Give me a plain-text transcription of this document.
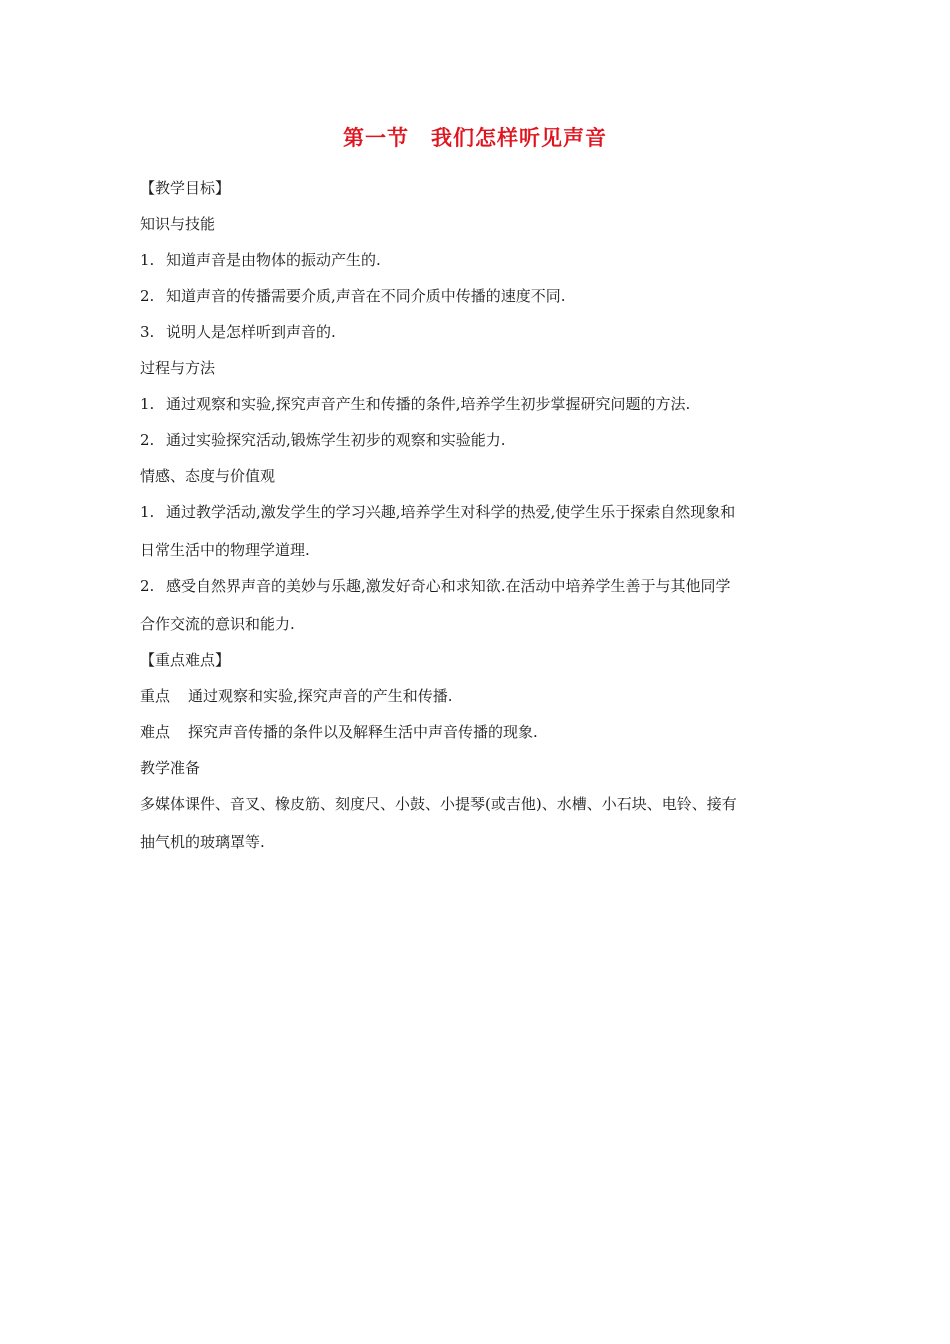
第一节　我们怎样听见声音
【教学目标】
知识与技能
1. 知道声音是由物体的振动产生的.
2. 知道声音的传播需要介质,声音在不同介质中传播的速度不同.
3. 说明人是怎样听到声音的.
过程与方法
1. 通过观察和实验,探究声音产生和传播的条件,培养学生初步掌握研究问题的方法.
2. 通过实验探究活动,锻炼学生初步的观察和实验能力.
情感、态度与价值观
1. 通过教学活动,激发学生的学习兴趣,培养学生对科学的热爱,使学生乐于探索自然现象和
日常生活中的物理学道理.
2. 感受自然界声音的美妙与乐趣,激发好奇心和求知欲.在活动中培养学生善于与其他同学
合作交流的意识和能力.
【重点难点】
重点 通过观察和实验,探究声音的产生和传播.
难点 探究声音传播的条件以及解释生活中声音传播的现象.
教学准备
多媒体课件、音叉、橡皮筋、刻度尺、小鼓、小提琴(或吉他)、水槽、小石块、电铃、接有
抽气机的玻璃罩等.
